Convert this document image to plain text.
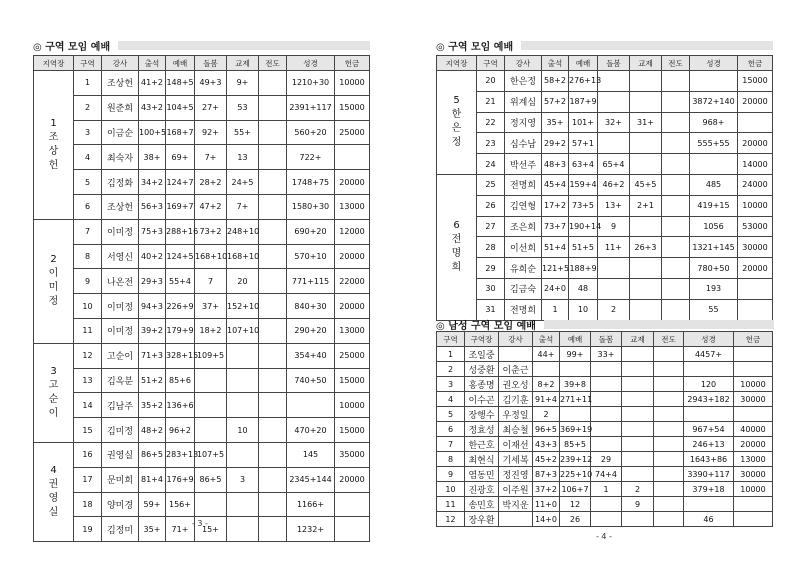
◎ 구역 모임 예배
지역장	구역	강사	출석	예배	돌봄	교제	전도	성경	헌금

1
조
상
헌	1	조상헌	41+2	148+5	49+3	9+		1210+30	10000
	2	원준희	43+2	104+5	27+	53		2391+117	15000
	3	이금순	100+5	168+7	92+	55+		560+20	25000
	4	최숙자	38+	69+	7+	13		722+	
	5	김정화	34+2	124+7	28+2	24+5		1748+75	20000
	6	조상헌	56+3	169+7	47+2	7+		1580+30	13000

2
이
미
정	7	이미정	75+3	288+16	73+2	248+10		690+20	12000
	8	서영신	40+2	124+5	168+10	168+10		570+10	20000
	9	나온전	29+3	55+4	7	20		771+115	22000
	10	이미정	94+3	226+9	37+	152+10		840+30	20000
	11	이미정	39+2	179+9	18+2	107+10		290+20	13000

3
고
순
이	12	고순이	71+3	328+15	109+5			354+40	25000
	13	김옥분	51+2	85+6				740+50	15000
	14	김남주	35+2	136+6					10000
	15	김미정	48+2	96+2		10		470+20	15000

4
권
영
실	16	권영실	86+5	283+13	107+5			145	35000
	17	문미희	81+4	176+9	86+5	3		2345+144	20000
	18	양미경	59+	156+				1166+	
	19	김정미	35+	71+	15+			1232+	
◎ 구역 모임 예배
지역장	구역	강사	출석	예배	돌봄	교제	전도	성경	헌금

5
한
은
정	20	한은정	58+2	276+13					15000
	21	위계심	57+2	187+9				3872+140	20000
	22	정지영	35+	101+	32+	31+		968+	
	23	심수남	29+2	57+1				555+55	20000
	24	박선주	48+3	63+4	65+4				14000

6
전
명
희	25	전명희	45+4	159+4	46+2	45+5		485	24000
	26	김연형	17+2	73+5	13+	2+1		419+15	10000
	27	조은희	73+7	190+14	9			1056	53000
	28	이선희	51+4	51+5	11+	26+3		1321+145	30000
	29	유희순	121+5	188+9				780+50	20000
	30	김금숙	24+0	48				193	
	31	전명희	1	10	2			55	
◎ 남성 구역 모임 예배
구역	구역장	강사	출석	예배	돌봄	교제	전도	성경	헌금
1	조일중		44+	99+	33+			4457+	
2	성중환	이춘근							
3	홍종명	권오성	8+2	39+8				120	10000
4	이수곤	김기훈	91+4	271+11				2943+182	30000
5	장행수	우정일	2						
6	정효성	최승철	96+5	369+19				967+54	40000
7	한근호	이재선	43+3	85+5				246+13	20000
8	최현식	기세복	45+2	239+12	29			1643+86	13000
9	염동민	정진영	87+3	225+10	74+4			3390+117	30000
10	진광호	이주원	37+2	106+7	1	2		379+18	10000
11	송민호	박지운	11+0	12		9			
12	장우환		14+0	26				46	
- 3 -
- 4 -
